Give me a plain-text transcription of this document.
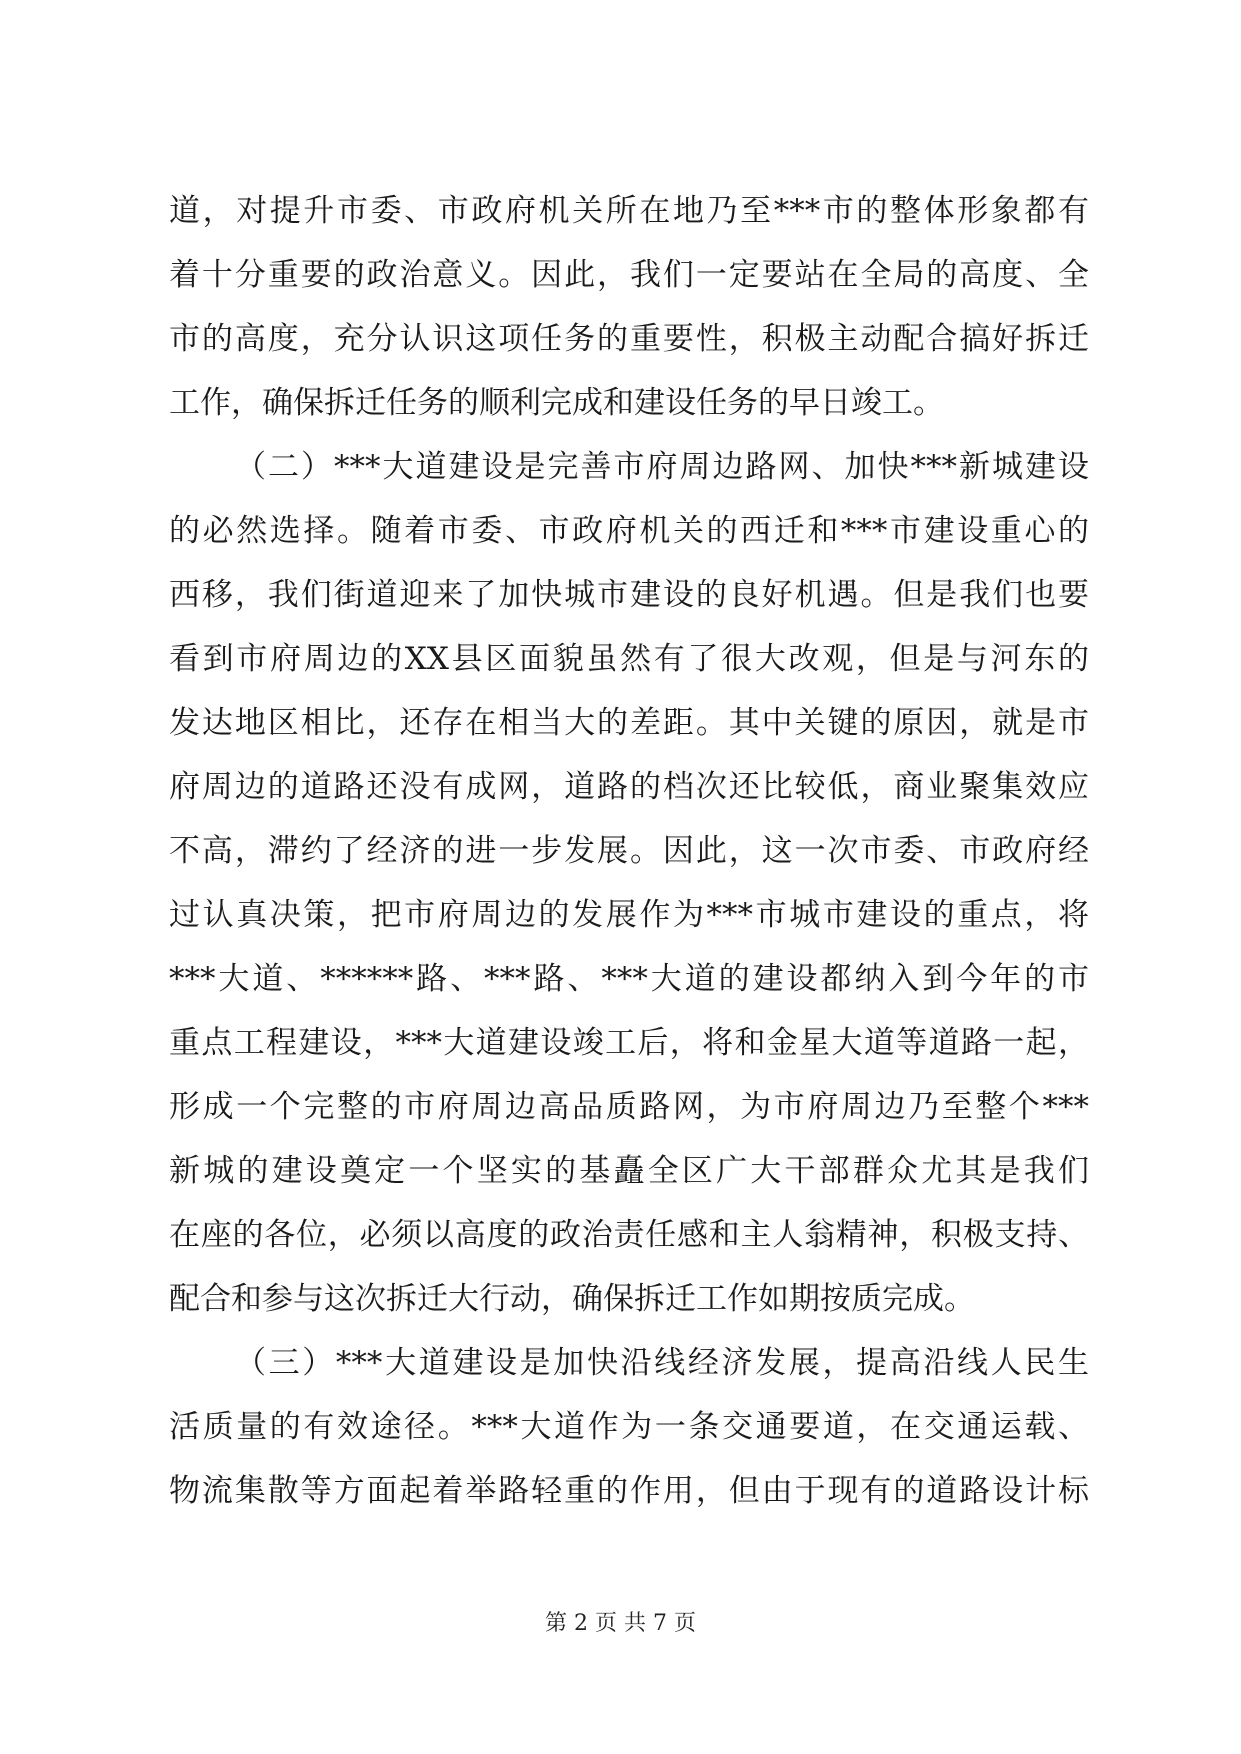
道，对提升市委、市政府机关所在地乃至***市的整体形象都有
着十分重要的政治意义。因此，我们一定要站在全局的高度、全
市的高度，充分认识这项任务的重要性，积极主动配合搞好拆迁
工作，确保拆迁任务的顺利完成和建设任务的早日竣工。
（二）***大道建设是完善市府周边路网、加快***新城建设
的必然选择。随着市委、市政府机关的西迁和***市建设重心的
西移，我们街道迎来了加快城市建设的良好机遇。但是我们也要
看到市府周边的XX县区面貌虽然有了很大改观，但是与河东的
发达地区相比，还存在相当大的差距。其中关键的原因，就是市
府周边的道路还没有成网，道路的档次还比较低，商业聚集效应
不高，滞约了经济的进一步发展。因此，这一次市委、市政府经
过认真决策，把市府周边的发展作为***市城市建设的重点，将
***大道、******路、***路、***大道的建设都纳入到今年的市
重点工程建设，***大道建设竣工后，将和金星大道等道路一起，
形成一个完整的市府周边高品质路网，为市府周边乃至整个***
新城的建设奠定一个坚实的基矗全区广大干部群众尤其是我们
在座的各位，必须以高度的政治责任感和主人翁精神，积极支持、
配合和参与这次拆迁大行动，确保拆迁工作如期按质完成。
（三）***大道建设是加快沿线经济发展，提高沿线人民生
活质量的有效途径。***大道作为一条交通要道，在交通运载、
物流集散等方面起着举路轻重的作用，但由于现有的道路设计标
第 2 页 共 7 页
